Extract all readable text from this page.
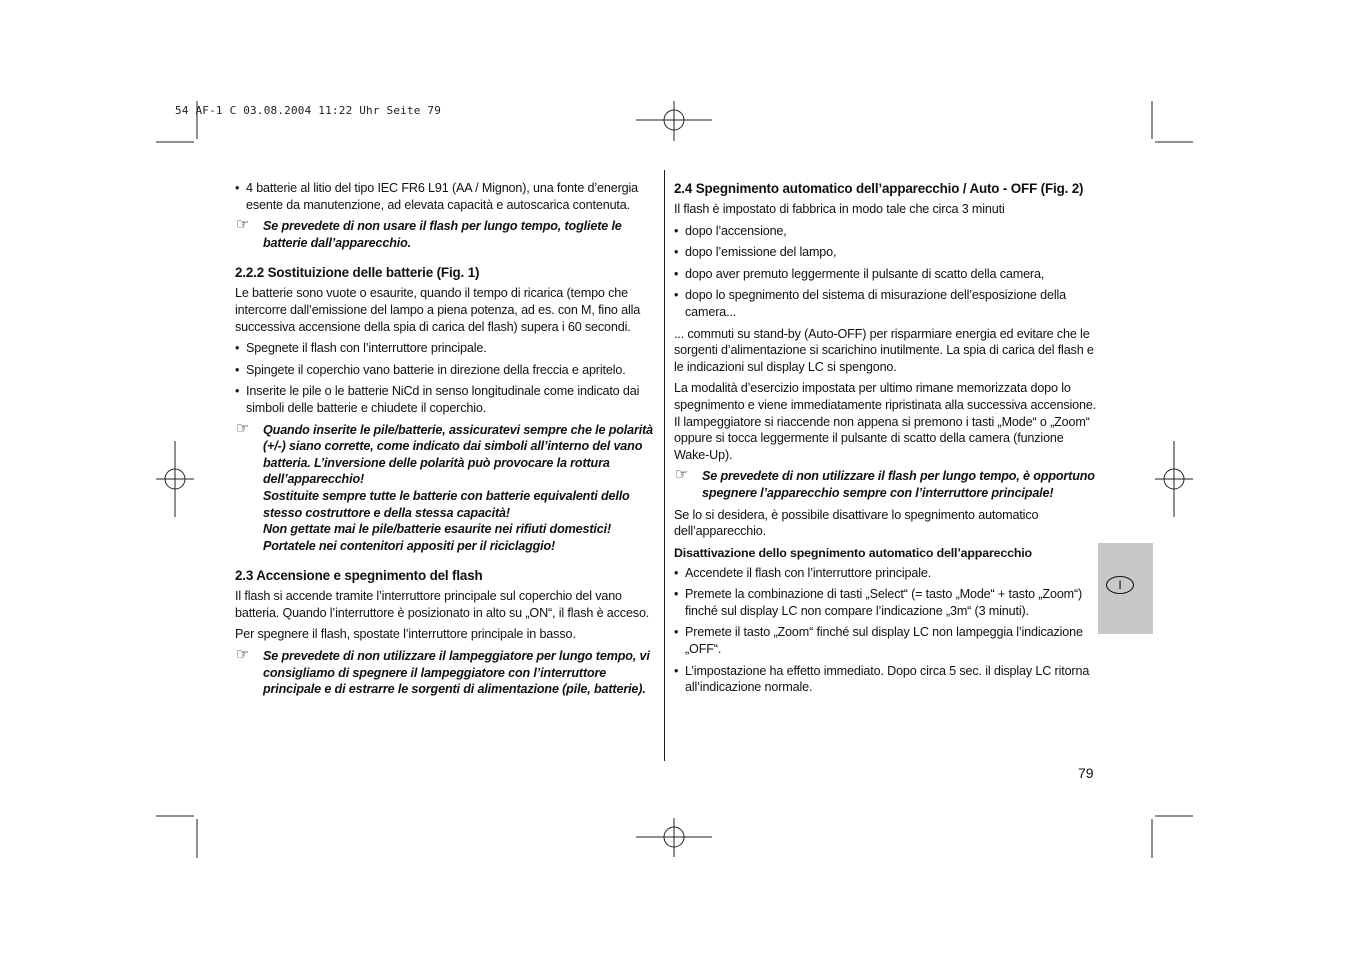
54 AF-1 C 03.08.2004 11:22 Uhr Seite 79
• 4 batterie al litio del tipo IEC FR6 L91 (AA / Mignon), una fonte d’energia esente da manutenzione, ad elevata capacità e autoscarica contenuta.
☞ Se prevedete di non usare il flash per lungo tempo, togliete le batterie dall’apparecchio.
2.2.2 Sostituizione delle batterie (Fig. 1)

Le batterie sono vuote o esaurite, quando il tempo di ricarica (tempo che intercorre dall’emissione del lampo a piena potenza, ad es. con M, fino alla successiva accensione della spia di carica del flash) supera i 60 secondi.

• Spegnete il flash con l’interruttore principale.
• Spingete il coperchio vano batterie in direzione della freccia e apritelo.
• Inserite le pile o le batterie NiCd in senso longitudinale come indicato dai simboli delle batterie e chiudete il coperchio.
☞ Quando inserite le pile/batterie, assicuratevi sempre che le polarità (+/-) siano corrette, come indicato dai simboli all’interno del vano batteria. L’inversione delle polarità può provocare la rottura dell’apparecchio!
Sostituite sempre tutte le batterie con batterie equivalenti dello stesso costruttore e della stessa capacità!
Non gettate mai le pile/batterie esaurite nei rifiuti domestici! Portatele nei contenitori appositi per il riciclaggio!
2.3 Accensione e spegnimento del flash

Il flash si accende tramite l’interruttore principale sul coperchio del vano batteria. Quando l’interruttore è posizionato in alto su „ON“, il flash è acceso.

Per spegnere il flash, spostate l’interruttore principale in basso.

☞ Se prevedete di non utilizzare il lampeggiatore per lungo tempo, vi consigliamo di spegnere il lampeggiatore con l’interruttore principale e di estrarre le sorgenti di alimentazione (pile, batterie).
2.4 Spegnimento automatico dell’apparecchio / Auto - OFF (Fig. 2)

Il flash è impostato di fabbrica in modo tale che circa 3 minuti

• dopo l’accensione,
• dopo l’emissione del lampo,
• dopo aver premuto leggermente il pulsante di scatto della camera,
• dopo lo spegnimento del sistema di misurazione dell’esposizione della camera...

... commuti su stand-by (Auto-OFF) per risparmiare energia ed evitare che le sorgenti d’alimentazione si scarichino inutilmente. La spia di carica del flash e le indicazioni sul display LC si spengono.

La modalità d’esercizio impostata per ultimo rimane memorizzata dopo lo spegnimento e viene immediatamente ripristinata alla successiva accensione. Il lampeggiatore si riaccende non appena si premono i tasti „Mode“ o „Zoom“ oppure si tocca leggermente il pulsante di scatto della camera (funzione Wake-Up).

☞ Se prevedete di non utilizzare il flash per lungo tempo, è opportuno spegnere l’apparecchio sempre con l’interruttore principale!

Se lo si desidera, è possibile disattivare lo spegnimento automatico dell’apparecchio.

Disattivazione dello spegnimento automatico dell’apparecchio
• Accendete il flash con l’interruttore principale.
• Premete la combinazione di tasti „Select“ (= tasto „Mode“ + tasto „Zoom“) finché sul display LC non compare l’indicazione „3m“ (3 minuti).
• Premete il tasto „Zoom“ finché sul display LC non lampeggia l’indicazione „OFF“.
• L’impostazione ha effetto immediato. Dopo circa 5 sec. il display LC ritorna all’indicazione normale.
I
79
